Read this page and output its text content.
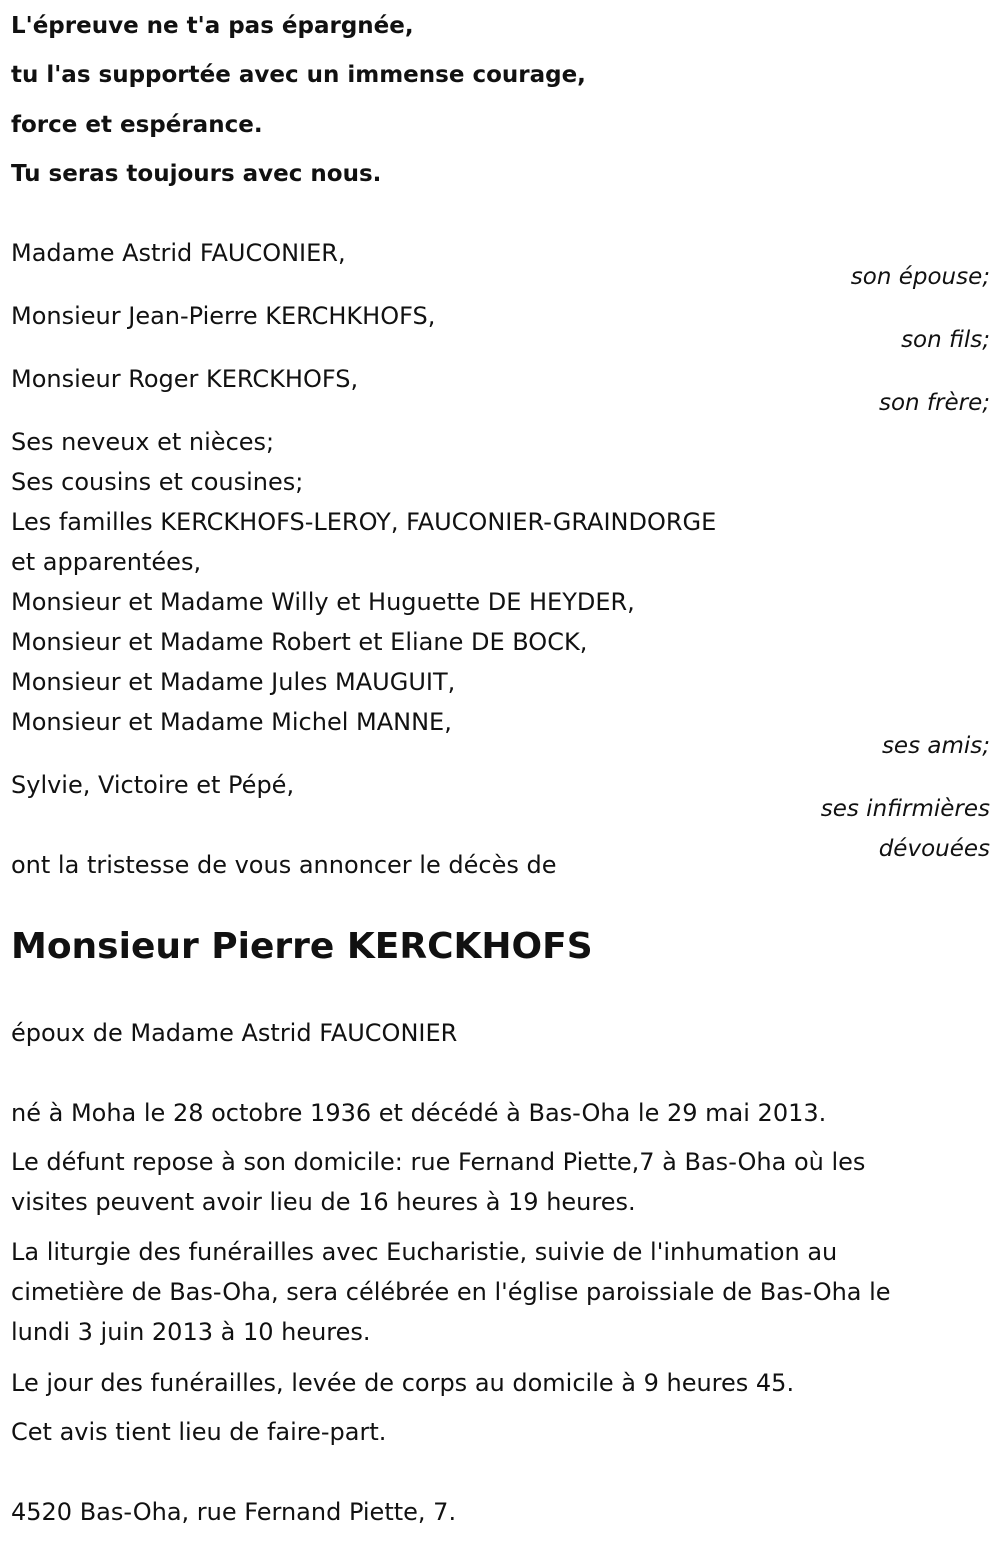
L'épreuve ne t'a pas épargnée,
tu l'as supportée avec un immense courage,
force et espérance.
Tu seras toujours avec nous.
Madame Astrid FAUCONIER,
son épouse;
Monsieur Jean-Pierre KERCHKHOFS,
son fils;
Monsieur Roger KERCKHOFS,
son frère;
Ses neveux et nièces;
Ses cousins et cousines;
Les familles KERCKHOFS-LEROY, FAUCONIER-GRAINDORGE
et apparentées,
Monsieur et Madame Willy et Huguette DE HEYDER,
Monsieur et Madame Robert et Eliane DE BOCK,
Monsieur et Madame Jules MAUGUIT,
Monsieur et Madame Michel MANNE,
ses amis;
Sylvie, Victoire et Pépé,
ses infirmières
dévouées
ont la tristesse de vous annoncer le décès de
Monsieur Pierre KERCKHOFS
époux de Madame Astrid FAUCONIER
né à Moha le 28 octobre 1936 et décédé à Bas-Oha le 29 mai 2013.
Le défunt repose à son domicile: rue Fernand Piette,7 à Bas-Oha où les
visites peuvent avoir lieu de 16 heures à 19 heures.
La liturgie des funérailles avec Eucharistie, suivie de l'inhumation au
cimetière de Bas-Oha, sera célébrée en l'église paroissiale de Bas-Oha le
lundi 3 juin 2013 à 10 heures.
Le jour des funérailles, levée de corps au domicile à 9 heures 45.
Cet avis tient lieu de faire-part.
4520 Bas-Oha, rue Fernand Piette, 7.
